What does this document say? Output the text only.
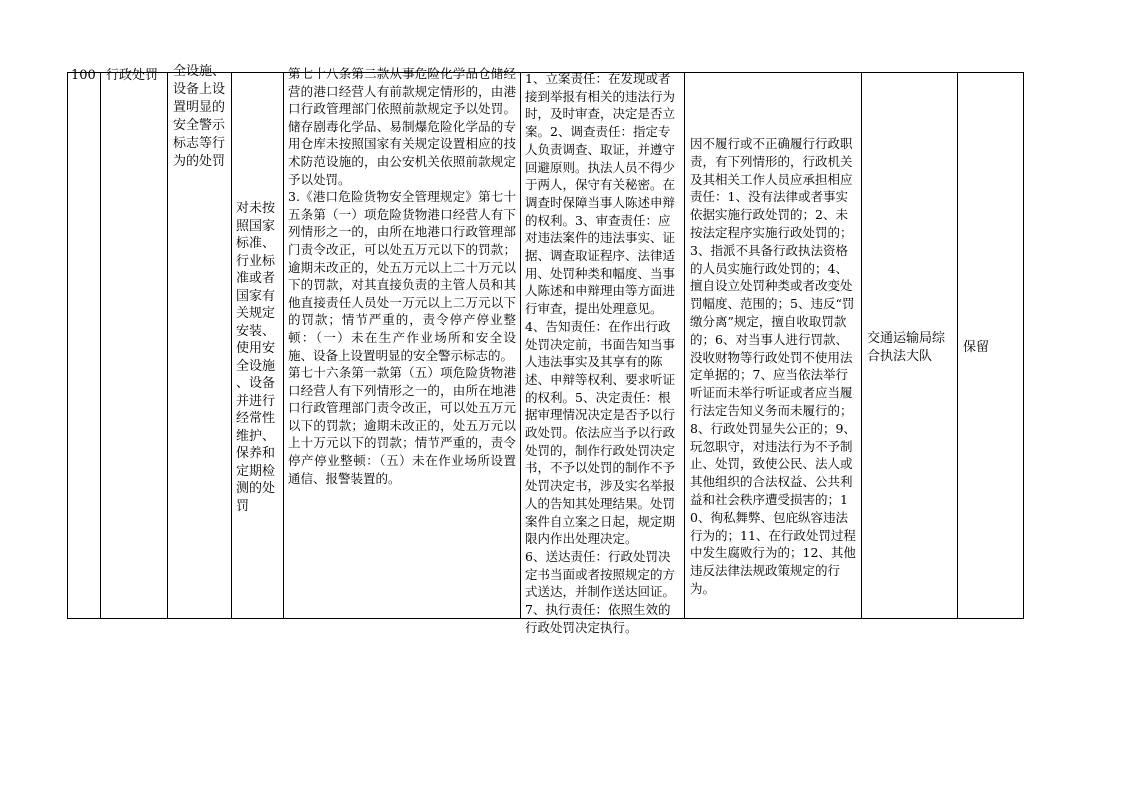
100 行政处罚 全设施、
设备上设
置明显的
安全警示
标志等行
为的处罚
对未按
照国家
标准、
行业标
准或者
国家有
关规定
安装、
使用安
全设施
、设备
并进行
经常性
维护、
保养和
定期检
测的处
罚
第七十八条第二款从事危险化学品仓储经营的港口经营人有前款规定情形的，由港口行政管理部门依照前款规定予以处罚。储存剧毒化学品、易制爆危险化学品的专用仓库未按照国家有关规定设置相应的技术防范设施的，由公安机关依照前款规定予以处罚。
3.《港口危险货物安全管理规定》第七十五条第（一）项危险货物港口经营人有下列情形之一的，由所在地港口行政管理部门责令改正，可以处五万元以下的罚款；逾期未改正的，处五万元以上二十万元以下的罚款，对其直接负责的主管人员和其他直接责任人员处一万元以上二万元以下的罚款；情节严重的，责令停产停业整顿：（一）未在生产作业场所和安全设施、设备上设置明显的安全警示标志的。
第七十六条第一款第（五）项危险货物港口经营人有下列情形之一的，由所在地港口行政管理部门责令改正，可以处五万元以下的罚款；逾期未改正的，处五万元以上十万元以下的罚款；情节严重的，责令停产停业整顿：（五）未在作业场所设置通信、报警装置的。
1、立案责任：在发现或者接到举报有相关的违法行为时，及时审查，决定是否立案。2、调查责任：指定专人负责调查、取证，并遵守回避原则。执法人员不得少于两人，保守有关秘密。在调查时保障当事人陈述申辩的权利。3、审查责任：应对违法案件的违法事实、证据、调查取证程序、法律适用、处罚种类和幅度、当事人陈述和申辩理由等方面进行审查，提出处理意见。4、告知责任：在作出行政处罚决定前，书面告知当事人违法事实及其享有的陈述、申辩等权利、要求听证的权利。5、决定责任：根据审理情况决定是否予以行政处罚。依法应当予以行政处罚的，制作行政处罚决定书，不予以处罚的制作不予处罚决定书，涉及实名举报人的告知其处理结果。处罚案件自立案之日起，规定期限内作出处理决定。
6、送达责任：行政处罚决定书当面或者按照规定的方式送达，并制作送达回证。7、执行责任：依照生效的行政处罚决定执行。
因不履行或不正确履行行政职责，有下列情形的，行政机关及其相关工作人员应承担相应责任：1、没有法律或者事实依据实施行政处罚的；2、未按法定程序实施行政处罚的；3、指派不具备行政执法资格的人员实施行政处罚的；4、擅自设立处罚种类或者改变处罚幅度、范围的；5、违反“罚缴分离”规定，擅自收取罚款的；6、对当事人进行罚款、没收财物等行政处罚不使用法定单据的；7、应当依法举行听证而未举行听证或者应当履行法定告知义务而未履行的；8、行政处罚显失公正的；9、玩忽职守，对违法行为不予制止、处罚，致使公民、法人或其他组织的合法权益、公共利益和社会秩序遭受损害的；10、徇私舞弊、包庇纵容违法行为的；11、在行政处罚过程中发生腐败行为的；12、其他违反法律法规政策规定的行为。
交通运输局综合执法大队
保留
